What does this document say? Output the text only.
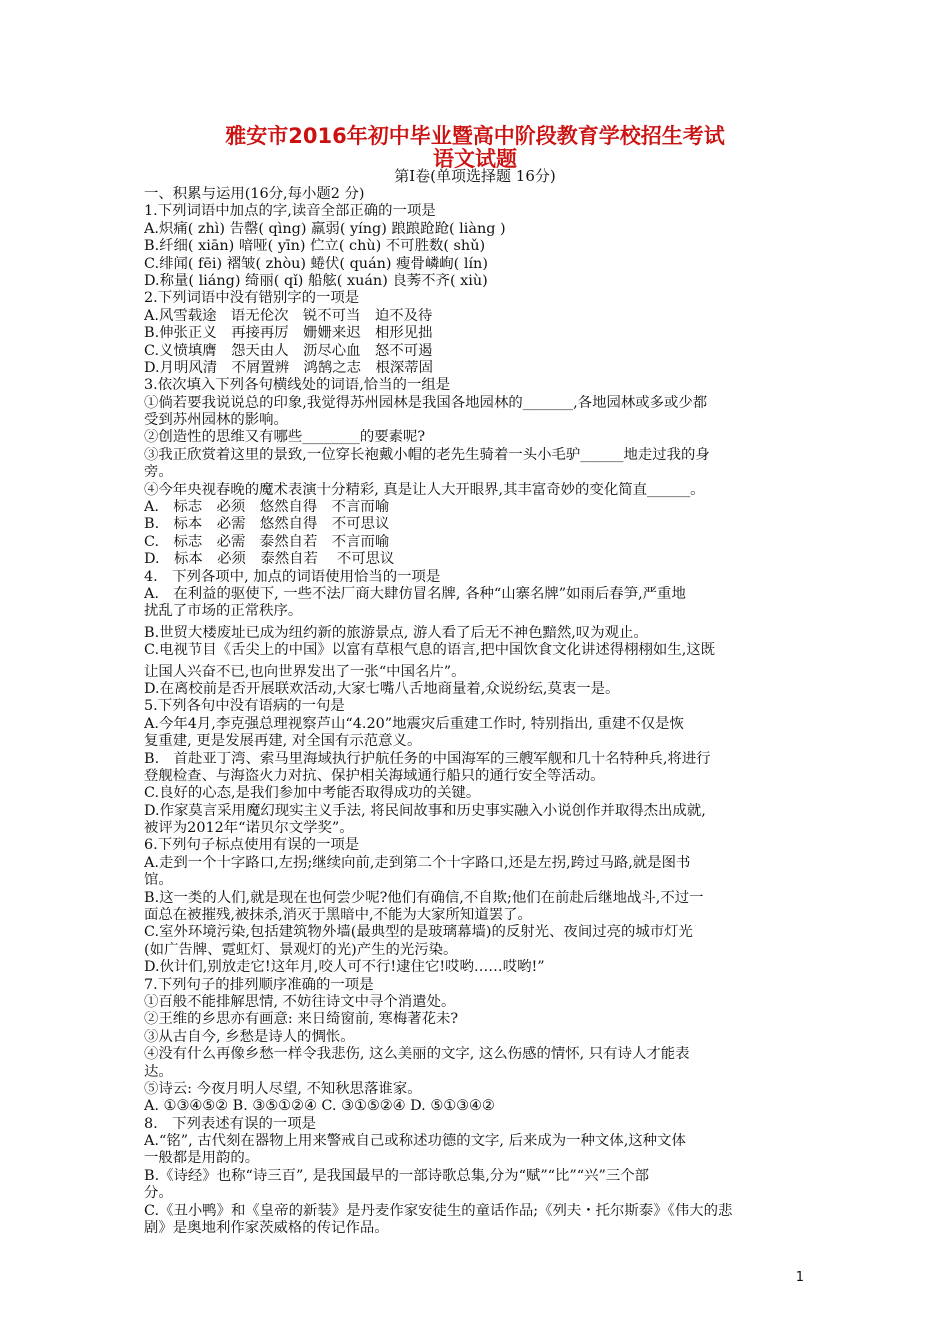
雅安市2016年初中毕业暨高中阶段教育学校招生考试
语文试题
第Ⅰ卷(单项选择题 16分)
一、积累与运用(16分,每小题2 分)
1.下列词语中加点的字,读音全部正确的一项是
A.炽痛( zhì) 告罄( qìng) 羸弱( yíng) 踉踉跄跄( liàng )
B.纤细( xiān) 喑哑( yīn) 伫立( chù) 不可胜数( shǔ)
C.绯闻( fēi) 褶皱( zhòu) 蜷伏( quán) 瘦骨嶙峋( lín)
D.称量( liáng) 绮丽( qǐ) 船舷( xuán) 良莠不齐( xiù)
2.下列词语中没有错别字的一项是
A.风雪载途　语无伦次　锐不可当　迫不及待
B.伸张正义　再接再厉　姗姗来迟　相形见拙
C.义愤填膺　怨天由人　沥尽心血　怒不可遏
D.月明风清　不屑置辨　鸿鹄之志　根深蒂固
3.依次填入下列各句横线处的词语,恰当的一组是
①倘若要我说说总的印象,我觉得苏州园林是我国各地园林的_______,各地园林或多或少都
受到苏州园林的影响。
②创造性的思维又有哪些________的要素呢?
③我正欣赏着这里的景致,一位穿长袍戴小帽的老先生骑着一头小毛驴______地走过我的身
旁。
④今年央视春晚的魔术表演十分精彩, 真是让人大开眼界,其丰富奇妙的变化简直______。
A.　标志　必须　悠然自得　不言而喻
B.　标本　必需　悠然自得　不可思议
C.　标志　必需　泰然自若　不言而喻
D.　标本　必须　泰然自若　 不可思议
4.　下列各项中, 加点的词语使用恰当的一项是
A.　在利益的驱使下, 一些不法厂商大肆仿冒名牌, 各种“山寨名牌”如雨后春笋,严重地
扰乱了市场的正常秩序。
B.世贸大楼废址已成为纽约新的旅游景点, 游人看了后无不神色黯然,叹为观止。
C.电视节目《舌尖上的中国》以富有草根气息的语言,把中国饮食文化讲述得栩栩如生,这既
让国人兴奋不已,也向世界发出了一张“中国名片”。
D.在离校前是否开展联欢活动,大家七嘴八舌地商量着,众说纷纭,莫衷一是。
5.下列各句中没有语病的一句是
A.今年4月,李克强总理视察芦山“4.20”地震灾后重建工作时, 特别指出, 重建不仅是恢
复重建, 更是发展再建, 对全国有示范意义。
B.　首赴亚丁湾、索马里海域执行护航任务的中国海军的三艘军舰和几十名特种兵,将进行
登舰检查、与海盗火力对抗、保护相关海域通行船只的通行安全等活动。
C.良好的心态,是我们参加中考能否取得成功的关键。
D.作家莫言采用魔幻现实主义手法, 将民间故事和历史事实融入小说创作并取得杰出成就,
被评为2012年“诺贝尔文学奖”。
6.下列句子标点使用有误的一项是
A.走到一个十字路口,左拐;继续向前,走到第二个十字路口,还是左拐,跨过马路,就是图书
馆。
B.这一类的人们,就是现在也何尝少呢?他们有确信,不自欺;他们在前赴后继地战斗,不过一
面总在被摧残,被抹杀,消灭于黑暗中,不能为大家所知道罢了。
C.室外环境污染,包括建筑物外墙(最典型的是玻璃幕墙)的反射光、夜间过亮的城市灯光
(如广告牌、霓虹灯、景观灯的光)产生的光污染。
D.伙计们,别放走它!这年月,咬人可不行!逮住它!哎哟……哎哟!”
7.下列句子的排列顺序准确的一项是
①百般不能排解思情, 不妨往诗文中寻个消遣处。
②王维的乡思亦有画意: 来日绮窗前, 寒梅著花未?
③从古自今, 乡愁是诗人的惆怅。
④没有什么再像乡愁一样令我悲伤, 这么美丽的文字, 这么伤感的情怀, 只有诗人才能表
达。
⑤诗云: 今夜月明人尽望, 不知秋思落谁家。
A. ①③④⑤② B. ③⑤①②④ C. ③①⑤②④ D. ⑤①③④②
8.　下列表述有误的一项是
A.“铭”, 古代刻在器物上用来警戒自己或称述功德的文字, 后来成为一种文体,这种文体
一般都是用韵的。
B.《诗经》也称“诗三百”, 是我国最早的一部诗歌总集,分为“赋”“比”“兴”三个部
分。
C.《丑小鸭》和《皇帝的新装》是丹麦作家安徒生的童话作品;《列夫・托尔斯泰》《伟大的悲
剧》是奥地利作家茨威格的传记作品。
1
